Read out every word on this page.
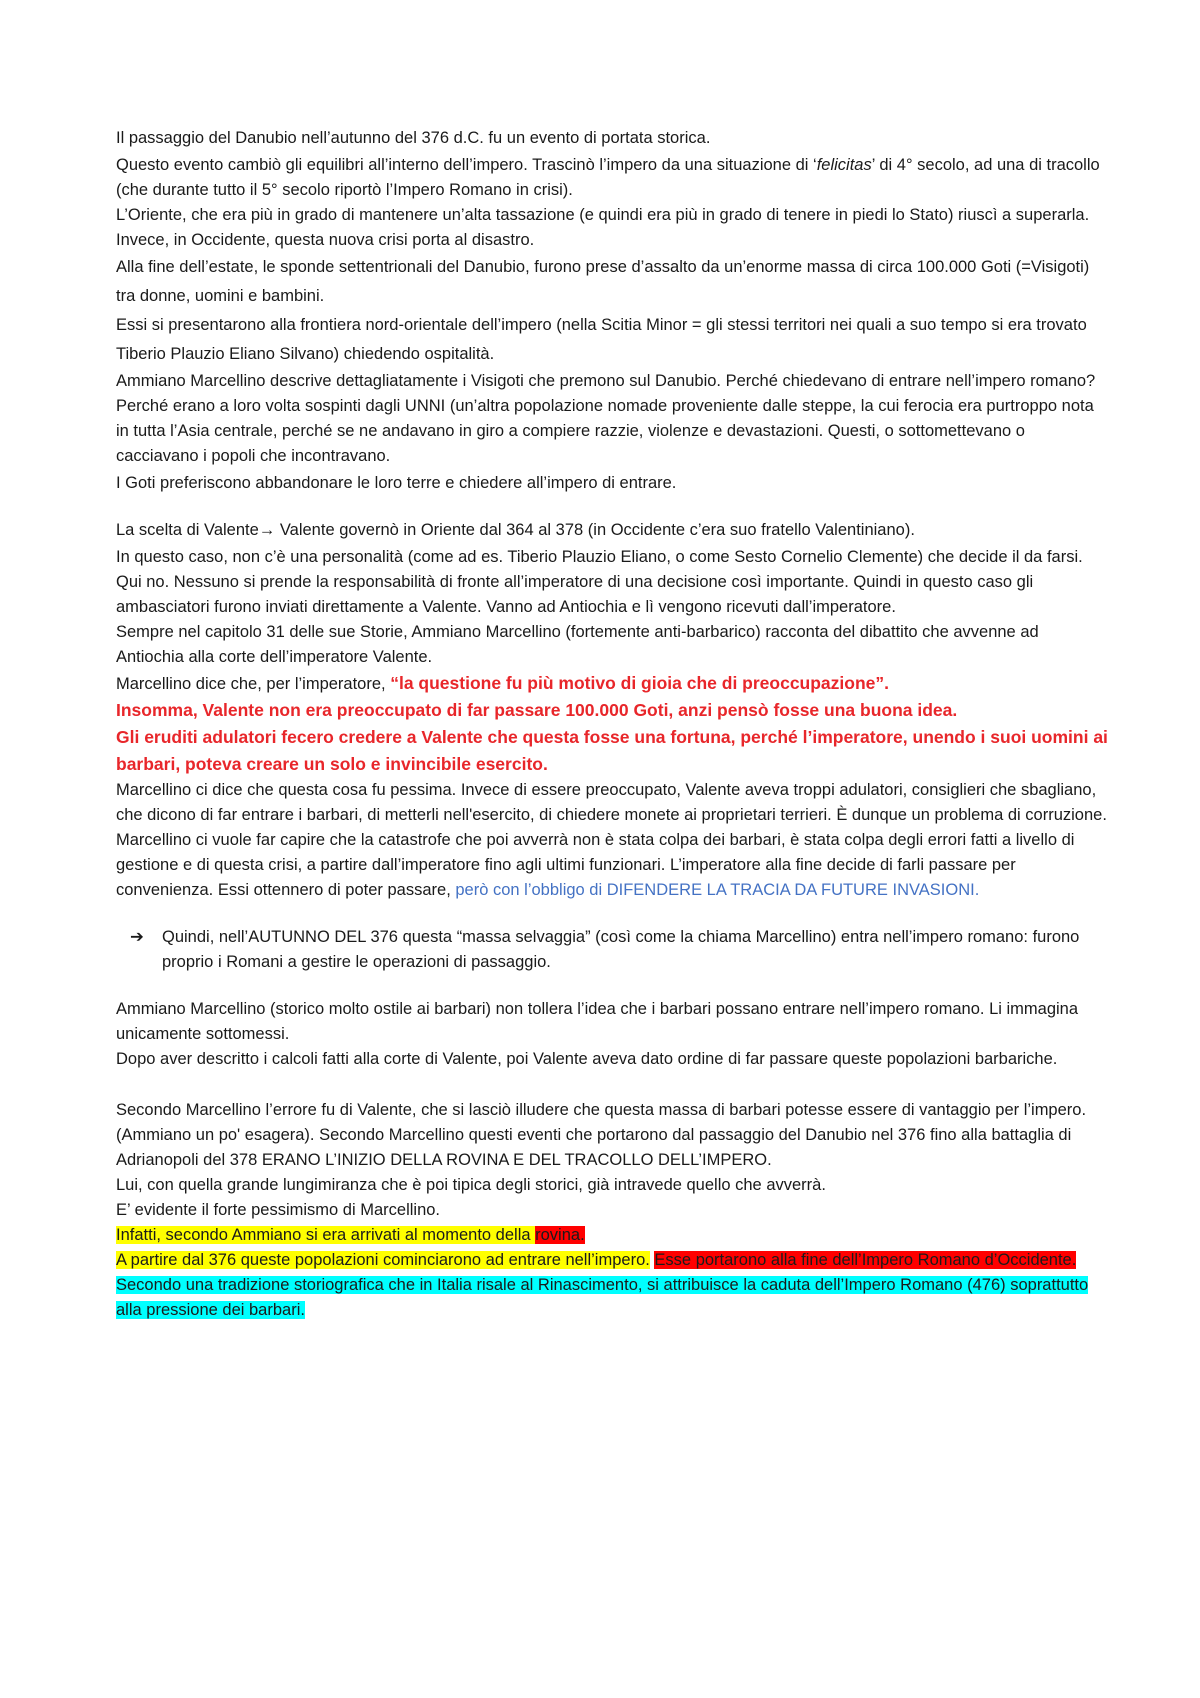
Il passaggio del Danubio nell’autunno del 376 d.C. fu un evento di portata storica.

Questo evento cambiò gli equilibri all’interno dell’impero. Trascinò l’impero da una situazione di ‘felicitas’ di 4° secolo, ad una di tracollo (che durante tutto il 5° secolo riportò l’Impero Romano in crisi).

L’Oriente, che era più in grado di mantenere un’alta tassazione (e quindi era più in grado di tenere in piedi lo Stato) riuscì a superarla. Invece, in Occidente, questa nuova crisi porta al disastro.

Alla fine dell’estate, le sponde settentrionali del Danubio, furono prese d’assalto da un’enorme massa di circa 100.000 Goti (=Visigoti) tra donne, uomini e bambini.

Essi si presentarono alla frontiera nord-orientale dell’impero (nella Scitia Minor = gli stessi territori nei quali a suo tempo si era trovato Tiberio Plauzio Eliano Silvano) chiedendo ospitalità.

Ammiano Marcellino descrive dettagliatamente i Visigoti che premono sul Danubio. Perché chiedevano di entrare nell’impero romano? Perché erano a loro volta sospinti dagli UNNI (un’altra popolazione nomade proveniente dalle steppe, la cui ferocia era purtroppo nota in tutta l’Asia centrale, perché se ne andavano in giro a compiere razzie, violenze e devastazioni. Questi, o sottomettevano o cacciavano i popoli che incontravano.

I Goti preferiscono abbandonare le loro terre e chiedere all’impero di entrare.

La scelta di Valente→ Valente governò in Oriente dal 364 al 378 (in Occidente c’era suo fratello Valentiniano).

In questo caso, non c’è una personalità (come ad es. Tiberio Plauzio Eliano, o come Sesto Cornelio Clemente) che decide il da farsi. Qui no. Nessuno si prende la responsabilità di fronte all’imperatore di una decisione così importante. Quindi in questo caso gli ambasciatori furono inviati direttamente a Valente. Vanno ad Antiochia e lì vengono ricevuti dall’imperatore.

Sempre nel capitolo 31 delle sue Storie, Ammiano Marcellino (fortemente anti-barbarico) racconta del dibattito che avvenne ad Antiochia alla corte dell’imperatore Valente.

Marcellino dice che, per l’imperatore, “la questione fu più motivo di gioia che di preoccupazione”.

Insomma, Valente non era preoccupato di far passare 100.000 Goti, anzi pensò fosse una buona idea.

Gli eruditi adulatori fecero credere a Valente che questa fosse una fortuna, perché l’imperatore, unendo i suoi uomini ai barbari, poteva creare un solo e invincibile esercito.

Marcellino ci dice che questa cosa fu pessima. Invece di essere preoccupato, Valente aveva troppi adulatori, consiglieri che sbagliano, che dicono di far entrare i barbari, di metterli nell'esercito, di chiedere monete ai proprietari terrieri. È dunque un problema di corruzione. Marcellino ci vuole far capire che la catastrofe che poi avverrà non è stata colpa dei barbari, è stata colpa degli errori fatti a livello di gestione e di questa crisi, a partire dall’imperatore fino agli ultimi funzionari. L’imperatore alla fine decide di farli passare per convenienza. Essi ottennero di poter passare, però con l’obbligo di DIFENDERE LA TRACIA DA FUTURE INVASIONI.

➔	Quindi, nell’AUTUNNO DEL 376 questa “massa selvaggia” (così come la chiama Marcellino) entra nell’impero romano: furono proprio i Romani a gestire le operazioni di passaggio.

Ammiano Marcellino (storico molto ostile ai barbari) non tollera l’idea che i barbari possano entrare nell’impero romano. Li immagina unicamente sottomessi.

Dopo aver descritto i calcoli fatti alla corte di Valente, poi Valente aveva dato ordine di far passare queste popolazioni barbariche.

Secondo Marcellino l’errore fu di Valente, che si lasciò illudere che questa massa di barbari potesse essere di vantaggio per l’impero. (Ammiano un po' esagera). Secondo Marcellino questi eventi che portarono dal passaggio del Danubio nel 376 fino alla battaglia di Adrianopoli del 378 ERANO L’INIZIO DELLA ROVINA E DEL TRACOLLO DELL’IMPERO.

Lui, con quella grande lungimiranza che è poi tipica degli storici, già intravede quello che avverrà.

E’ evidente il forte pessimismo di Marcellino.

Infatti, secondo Ammiano si era arrivati al momento della rovina.

A partire dal 376 queste popolazioni cominciarono ad entrare nell’impero. Esse portarono alla fine dell’Impero Romano d’Occidente.

Secondo una tradizione storiografica che in Italia risale al Rinascimento, si attribuisce la caduta dell’Impero Romano (476) soprattutto alla pressione dei barbari.
